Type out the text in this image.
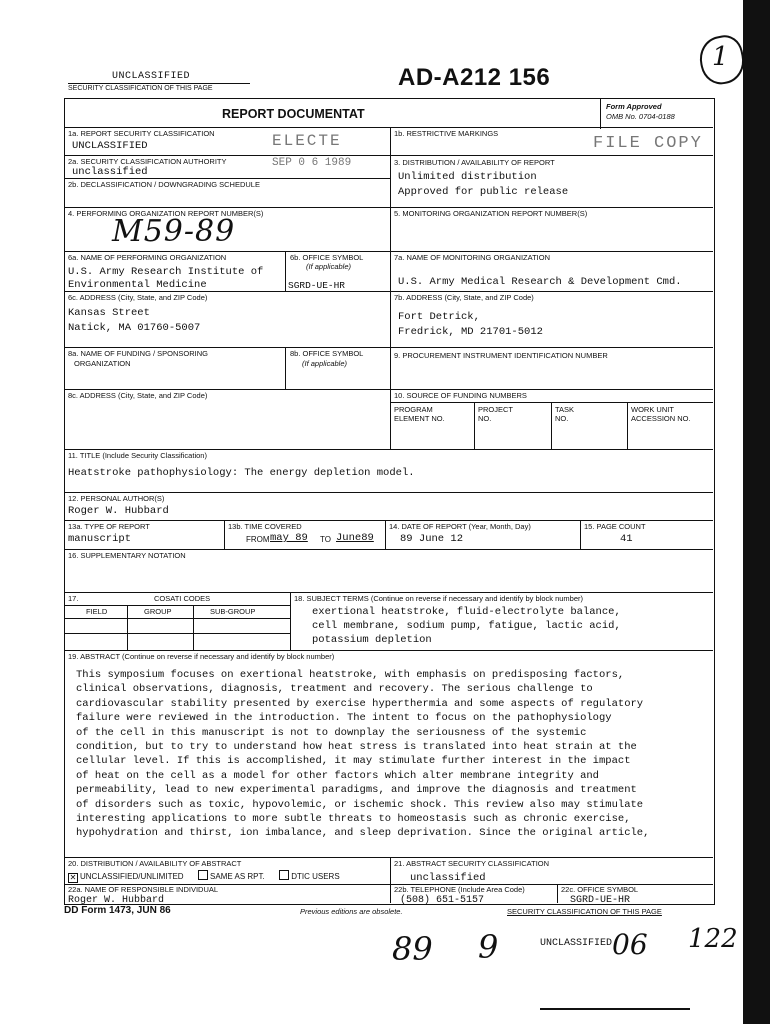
UNCLASSIFIED
SECURITY CLASSIFICATION OF THIS PAGE	AD-A212 156
1
REPORT DOCUMENTAT
Form Approved
OMB No. 0704-0188
1a. REPORT SECURITY CLASSIFICATION
UNCLASSIFIED	ELECTE	1b. RESTRICTIVE MARKINGS
FILE COPY
2a. SECURITY CLASSIFICATION AUTHORITY
unclassified
SEP 0 6 1989
2b. DECLASSIFICATION / DOWNGRADING SCHEDULE
3. DISTRIBUTION / AVAILABILITY OF REPORT
Unlimited distribution
Approved for public release
4. PERFORMING ORGANIZATION REPORT NUMBER(S)
M59-89
5. MONITORING ORGANIZATION REPORT NUMBER(S)
6a. NAME OF PERFORMING ORGANIZATION
U.S. Army Research Institute of
Environmental Medicine
6b. OFFICE SYMBOL
(If applicable)
SGRD-UE-HR
7a. NAME OF MONITORING ORGANIZATION
U.S. Army Medical Research & Development Cmd.
6c. ADDRESS (City, State, and ZIP Code)
Kansas Street
Natick, MA 01760-5007
7b. ADDRESS (City, State, and ZIP Code)
Fort Detrick,
Fredrick, MD 21701-5012
8a. NAME OF FUNDING / SPONSORING
ORGANIZATION
8b. OFFICE SYMBOL
(If applicable)
9. PROCUREMENT INSTRUMENT IDENTIFICATION NUMBER
8c. ADDRESS (City, State, and ZIP Code)	10. SOURCE OF FUNDING NUMBERS
PROGRAM
ELEMENT NO.
PROJECT
NO.
TASK
NO.
WORK UNIT
ACCESSION NO.
11. TITLE (Include Security Classification)
Heatstroke pathophysiology: The energy depletion model.
12. PERSONAL AUTHOR(S)
Roger W. Hubbard
13a. TYPE OF REPORT
manuscript
13b. TIME COVERED
FROM may 89 TO June89
14. DATE OF REPORT (Year, Month, Day)
89 June 12
15. PAGE COUNT
41
16. SUPPLEMENTARY NOTATION
17.	COSATI CODES
FIELD	GROUP	SUB-GROUP
18. SUBJECT TERMS (Continue on reverse if necessary and identify by block number)
exertional heatstroke, fluid-electrolyte balance,
cell membrane, sodium pump, fatigue, lactic acid,
potassium depletion
19. ABSTRACT (Continue on reverse if necessary and identify by block number)
This symposium focuses on exertional heatstroke, with emphasis on predisposing factors,
clinical observations, diagnosis, treatment and recovery. The serious challenge to
cardiovascular stability presented by exercise hyperthermia and some aspects of regulatory
failure were reviewed in the introduction. The intent to focus on the pathophysiology
of the cell in this manuscript is not to downplay the seriousness of the systemic
condition, but to try to understand how heat stress is translated into heat strain at the
cellular level. If this is accomplished, it may stimulate further interest in the impact
of heat on the cell as a model for other factors which alter membrane integrity and
permeability, lead to new experimental paradigms, and improve the diagnosis and treatment
of disorders such as toxic, hypovolemic, or ischemic shock. This review also may stimulate
interesting applications to more subtle threats to homeostasis such as chronic exercise,
hypohydration and thirst, ion imbalance, and sleep deprivation. Since the original article,
20. DISTRIBUTION / AVAILABILITY OF ABSTRACT
✕ UNCLASSIFIED/UNLIMITED	SAME AS RPT.	DTIC USERS
21. ABSTRACT SECURITY CLASSIFICATION
unclassified
22a. NAME OF RESPONSIBLE INDIVIDUAL
Roger W. Hubbard
22b. TELEPHONE (Include Area Code)
(508) 651-5157
22c. OFFICE SYMBOL
SGRD-UE-HR
DD Form 1473, JUN 86	Previous editions are obsolete.	SECURITY CLASSIFICATION OF THIS PAGE
UNCLASSIFIED
89 9	06 122
